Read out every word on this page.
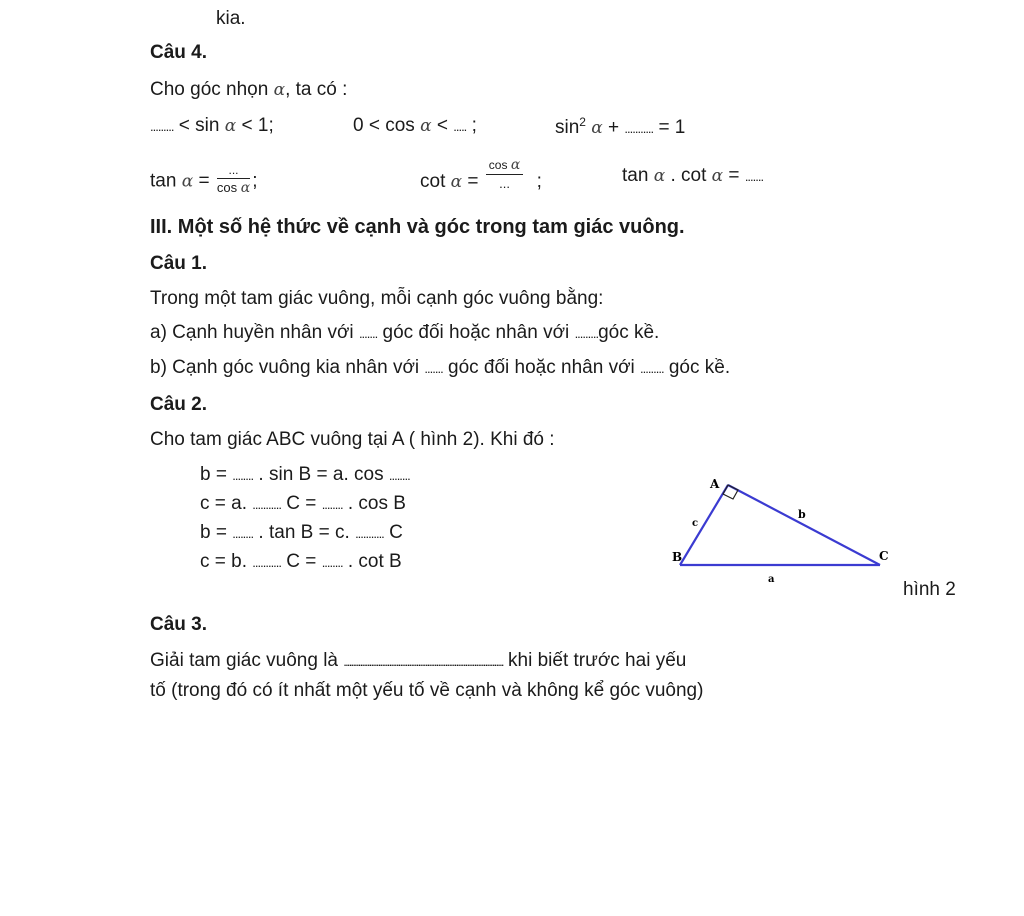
kia.
Câu 4.
Cho góc nhọn α, ta có :
......... < sin α < 1;	0 < cos α < ..... ;	$\sin^2 \alpha$ + ........... = 1
$\tan \alpha = \frac{...}{\text{cos α}}$ ;	$\cot \alpha = \frac{\text{cos α}}{...}$ ;	tan α . cot α = .......
III. Một số hệ thức về cạnh và góc trong tam giác vuông.
Câu 1.
Trong một tam giác vuông, mỗi cạnh góc vuông bằng:
a) Cạnh huyền nhân với ....... góc đối hoặc nhân với .........góc kề.
b) Cạnh góc vuông kia nhân với ....... góc đối hoặc nhân với ......... góc kề.
Câu 2.
Cho tam giác ABC vuông tại A ( hình 2). Khi đó :
b = ........ . sin B = a. cos ........
c = a. ........... C = ........ . cos B
b = ........ . tan B = c. ........... C
c = b. ........... C = ........ . cot B
A
B	C
c
b
a	hình 2
Câu 3.
Giải tam giác vuông là ........................................................................................ khi biết trước hai yếu
tố (trong đó có ít nhất một yếu tố về cạnh và không kể góc vuông)
